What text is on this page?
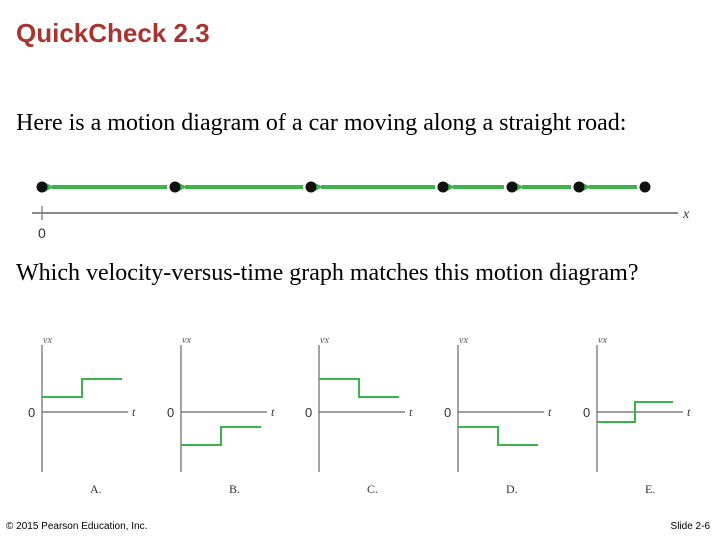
QuickCheck 2.3

Here is a motion diagram of a car moving along a straight road:

0
x
vx
t
0
A.
vx
t
0
B.
vx
t
0
C.
vx
t
0
D.
vx
t
0
E.

Which velocity-versus-time graph matches this motion diagram?

© 2015 Pearson Education, Inc.	Slide 2-6
